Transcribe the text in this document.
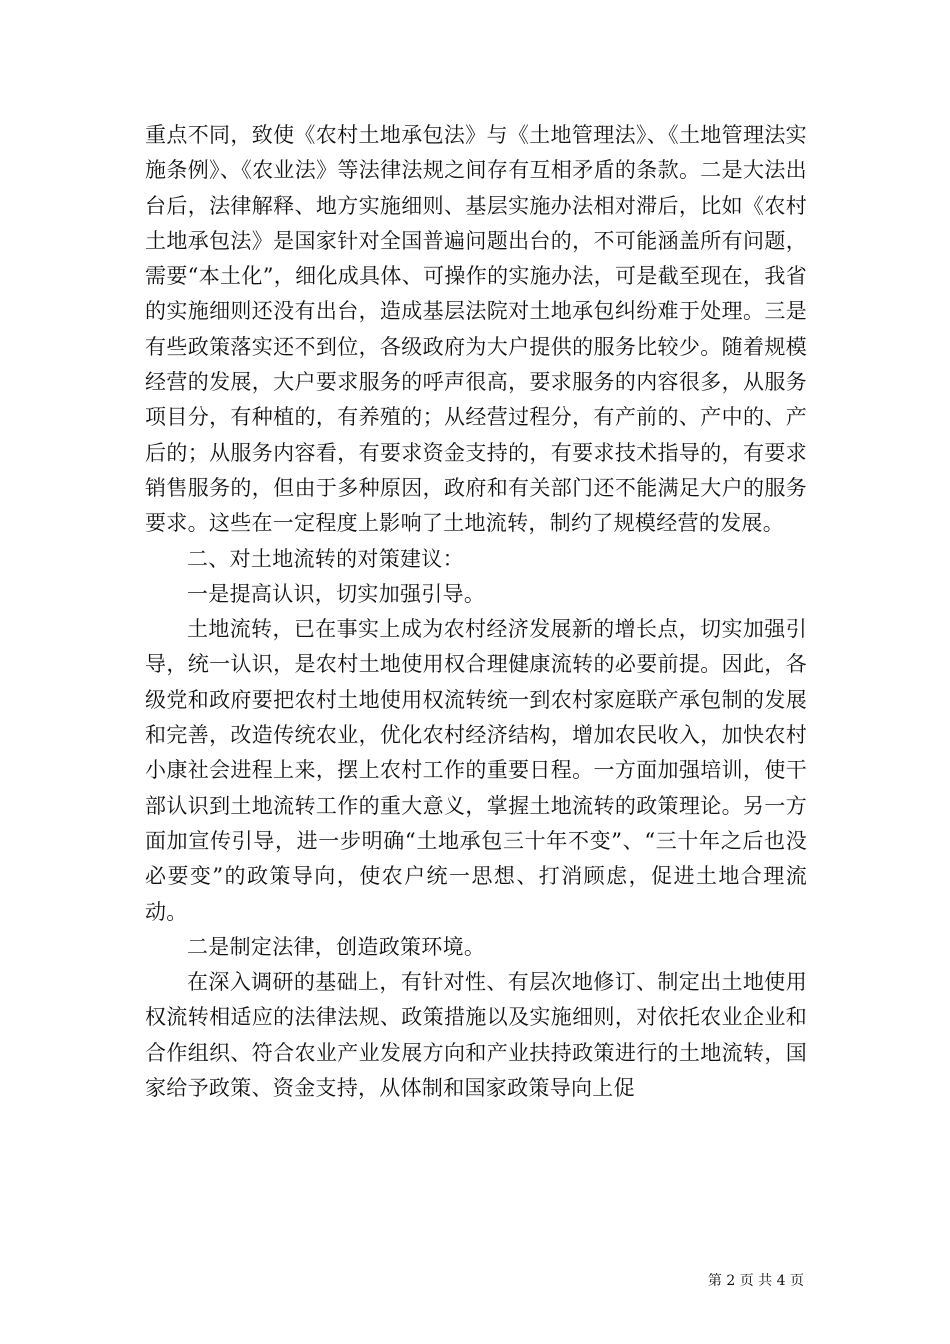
重点不同，致使《农村土地承包法》与《土地管理法》、《土地管理法实施条例》、《农业法》等法律法规之间存有互相矛盾的条款。二是大法出台后，法律解释、地方实施细则、基层实施办法相对滞后，比如《农村土地承包法》是国家针对全国普遍问题出台的，不可能涵盖所有问题，需要“本土化”，细化成具体、可操作的实施办法，可是截至现在，我省的实施细则还没有出台，造成基层法院对土地承包纠纷难于处理。三是有些政策落实还不到位，各级政府为大户提供的服务比较少。随着规模经营的发展，大户要求服务的呼声很高，要求服务的内容很多，从服务项目分，有种植的，有养殖的；从经营过程分，有产前的、产中的、产后的；从服务内容看，有要求资金支持的，有要求技术指导的，有要求销售服务的，但由于多种原因，政府和有关部门还不能满足大户的服务要求。这些在一定程度上影响了土地流转，制约了规模经营的发展。

二、对土地流转的对策建议：

一是提高认识，切实加强引导。

土地流转，已在事实上成为农村经济发展新的增长点，切实加强引导，统一认识，是农村土地使用权合理健康流转的必要前提。因此，各级党和政府要把农村土地使用权流转统一到农村家庭联产承包制的发展和完善，改造传统农业，优化农村经济结构，增加农民收入，加快农村小康社会进程上来，摆上农村工作的重要日程。一方面加强培训，使干部认识到土地流转工作的重大意义，掌握土地流转的政策理论。另一方面加宣传引导，进一步明确“土地承包三十年不变”、“三十年之后也没必要变”的政策导向，使农户统一思想、打消顾虑，促进土地合理流动。

二是制定法律，创造政策环境。

在深入调研的基础上，有针对性、有层次地修订、制定出土地使用权流转相适应的法律法规、政策措施以及实施细则，对依托农业企业和合作组织、符合农业产业发展方向和产业扶持政策进行的土地流转，国家给予政策、资金支持，从体制和国家政策导向上促

第 2 页 共 4 页
